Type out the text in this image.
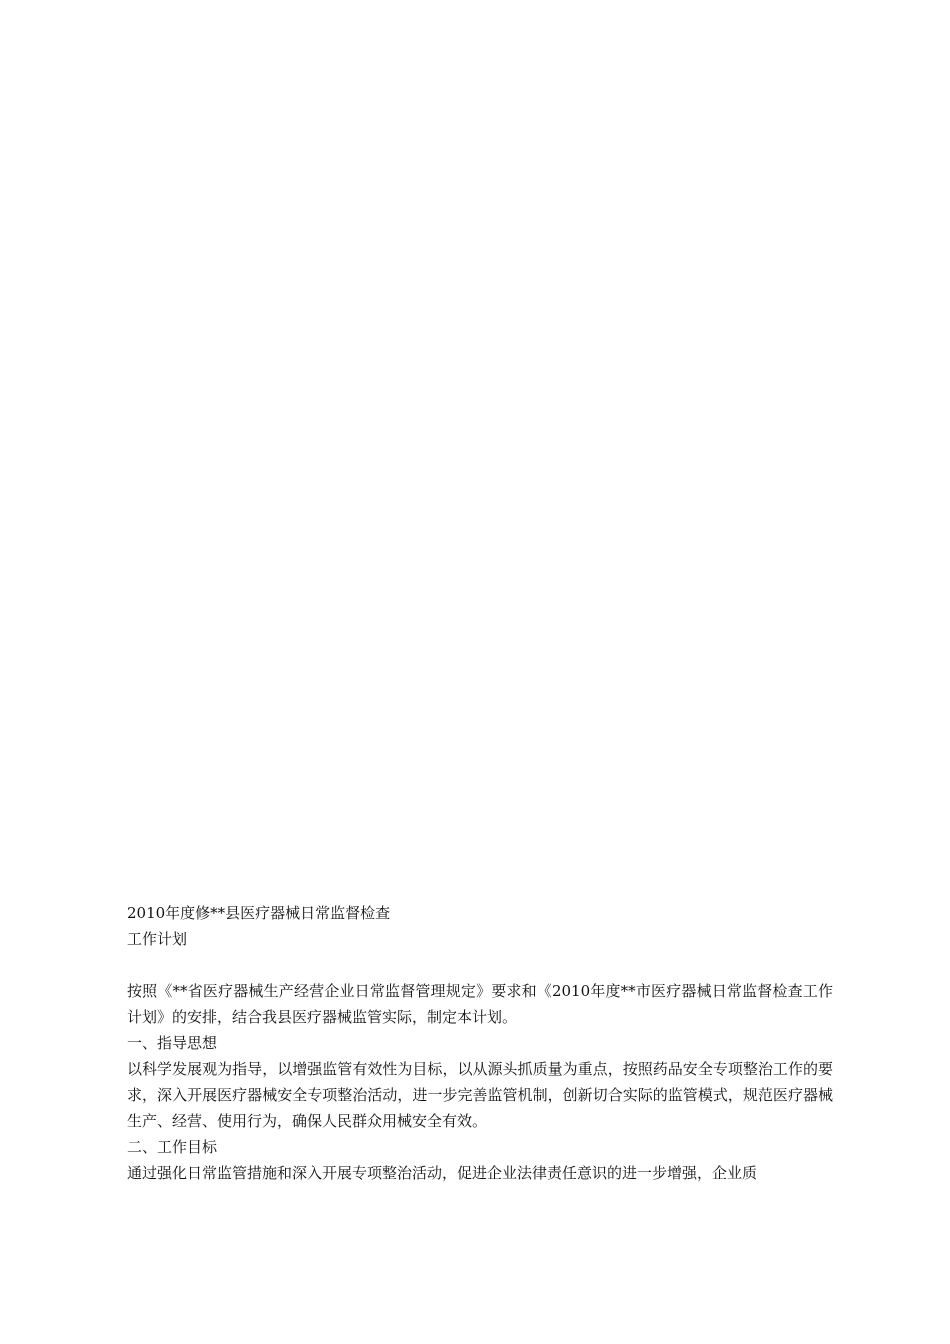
2010年度修**县医疗器械日常监督检查
工作计划

按照《**省医疗器械生产经营企业日常监督管理规定》要求和《2010年度**市医疗器械日常监督检查工作计划》的安排，结合我县医疗器械监管实际，制定本计划。

一、指导思想

以科学发展观为指导，以增强监管有效性为目标，以从源头抓质量为重点，按照药品安全专项整治工作的要求，深入开展医疗器械安全专项整治活动，进一步完善监管机制，创新切合实际的监管模式，规范医疗器械生产、经营、使用行为，确保人民群众用械安全有效。

二、工作目标

通过强化日常监管措施和深入开展专项整治活动，促进企业法律责任意识的进一步增强，企业质
